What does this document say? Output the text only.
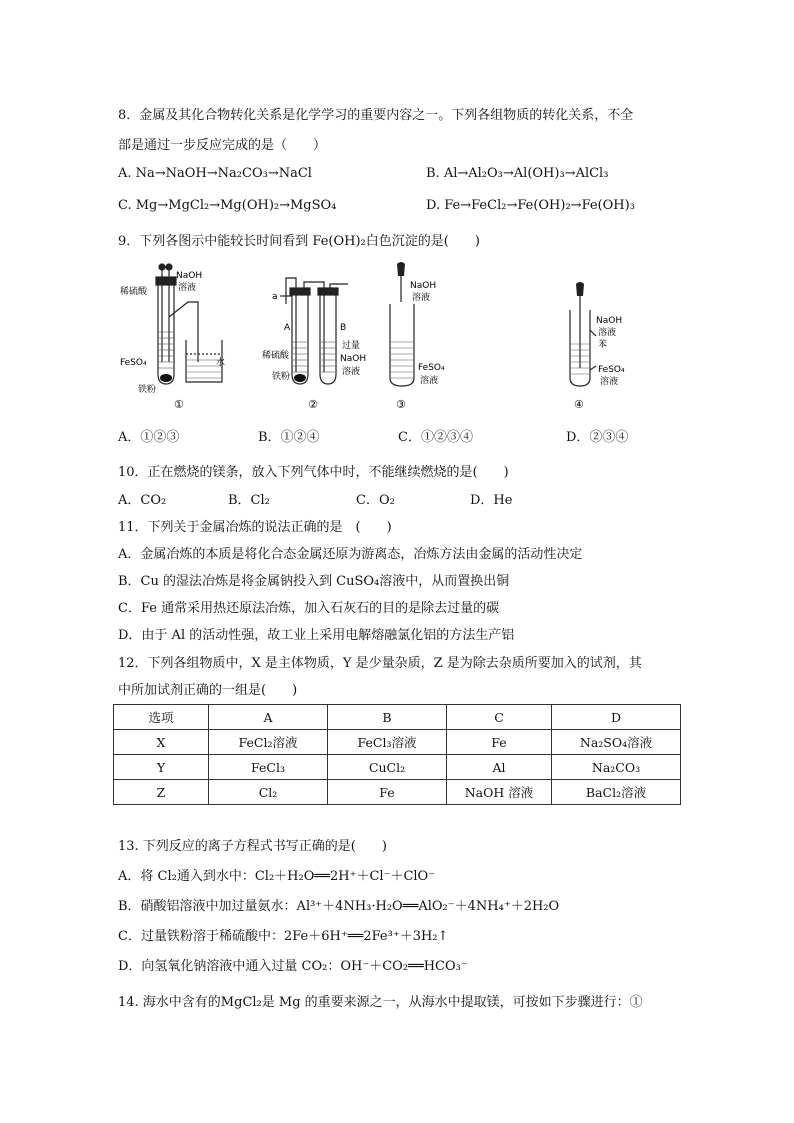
8．金属及其化合物转化关系是化学学习的重要内容之一。下列各组物质的转化关系，不全
部是通过一步反应完成的是（　　）
A. Na→NaOH→Na₂CO₃→NaCl	B. Al→Al₂O₃→Al(OH)₃→AlCl₃
C. Mg→MgCl₂→Mg(OH)₂→MgSO₄	D. Fe→FeCl₂→Fe(OH)₂→Fe(OH)₃
9．下列各图示中能较长时间看到 Fe(OH)₂白色沉淀的是(　　)
NaOH
溶液
稀硫酸
FeSO₄	水
铁粉
①
a
A	B
稀硫酸
铁粉
过量
NaOH
溶液
②
NaOH
溶液
FeSO₄
溶液
③
NaOH
溶液
苯
FeSO₄
溶液
④
A．①②③	B．①②④	C．①②③④	D．②③④
10．正在燃烧的镁条，放入下列气体中时，不能继续燃烧的是(　　)
A．CO₂	B．Cl₂	C．O₂	D．He
11．下列关于金属冶炼的说法正确的是　(　　)
A．金属冶炼的本质是将化合态金属还原为游离态，冶炼方法由金属的活动性决定
B．Cu 的湿法冶炼是将金属钠投入到 CuSO₄溶液中，从而置换出铜
C．Fe 通常采用热还原法冶炼，加入石灰石的目的是除去过量的碳
D．由于 Al 的活动性强，故工业上采用电解熔融氯化铝的方法生产铝
12．下列各组物质中，X 是主体物质，Y 是少量杂质，Z 是为除去杂质所要加入的试剂，其
中所加试剂正确的一组是(　　)
选项	A	B	C	D
X	FeCl₂溶液	FeCl₃溶液	Fe	Na₂SO₄溶液
Y	FeCl₃	CuCl₂	Al	Na₂CO₃
Z	Cl₂	Fe	NaOH 溶液	BaCl₂溶液
13. 下列反应的离子方程式书写正确的是(　　)
A．将 Cl₂通入到水中：Cl₂＋H₂O══2H⁺＋Cl⁻＋ClO⁻
B．硝酸铝溶液中加过量氨水：Al³⁺＋4NH₃·H₂O══AlO₂⁻＋4NH₄⁺＋2H₂O
C．过量铁粉溶于稀硫酸中：2Fe＋6H⁺══2Fe³⁺＋3H₂↑
D．向氢氧化钠溶液中通入过量 CO₂：OH⁻＋CO₂══HCO₃⁻
14. 海水中含有的MgCl₂是 Mg 的重要来源之一，从海水中提取镁，可按如下步骤进行：①
